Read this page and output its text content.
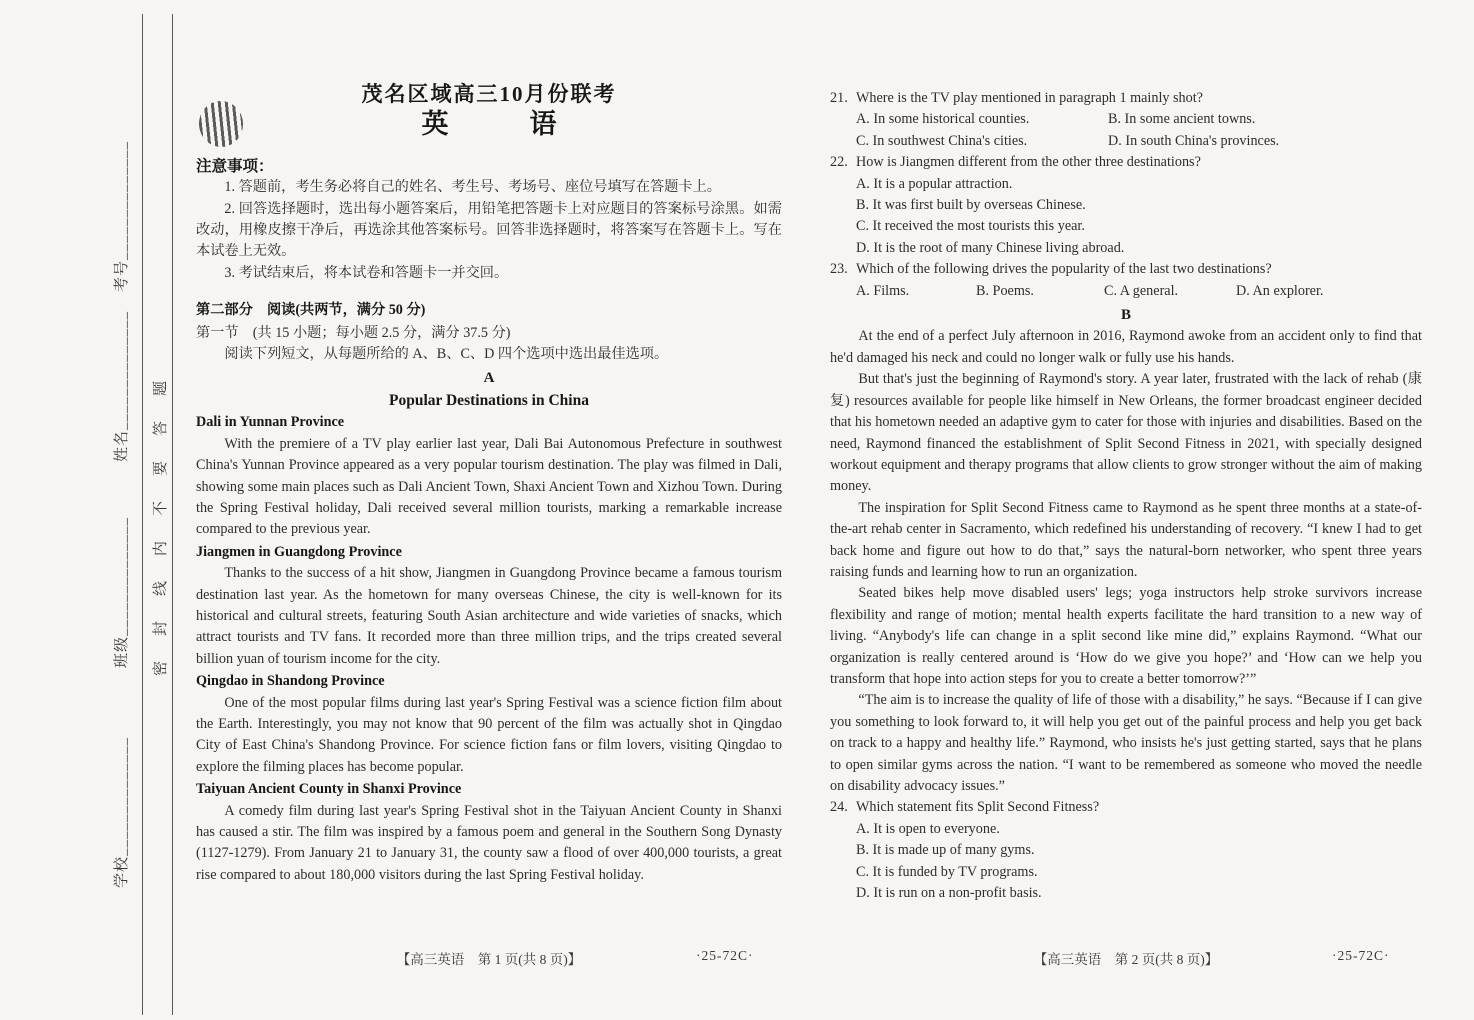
考号______________
姓名______________
班级______________
学校______________
密封线内不要答题
茂名区域高三10月份联考
英            语
注意事项：

1. 答题前，考生务必将自己的姓名、考生号、考场号、座位号填写在答题卡上。

2. 回答选择题时，选出每小题答案后，用铅笔把答题卡上对应题目的答案标号涂黑。如需改动，用橡皮擦干净后，再选涂其他答案标号。回答非选择题时，将答案写在答题卡上。写在本试卷上无效。

3. 考试结束后，将本试卷和答题卡一并交回。

第二部分　阅读(共两节，满分 50 分)
第一节　(共 15 小题；每小题 2.5 分，满分 37.5 分)

阅读下列短文，从每题所给的 A、B、C、D 四个选项中选出最佳选项。

A
Popular Destinations in China
Dali in Yunnan Province

With the premiere of a TV play earlier last year, Dali Bai Autonomous Prefecture in southwest China's Yunnan Province appeared as a very popular tourism destination. The play was filmed in Dali, showing some main places such as Dali Ancient Town, Shaxi Ancient Town and Xizhou Town. During the Spring Festival holiday, Dali received several million tourists, marking a remarkable increase compared to the previous year.

Jiangmen in Guangdong Province

Thanks to the success of a hit show, Jiangmen in Guangdong Province became a famous tourism destination last year. As the hometown for many overseas Chinese, the city is well-known for its historical and cultural streets, featuring South Asian architecture and wide varieties of snacks, which attract tourists and TV fans. It recorded more than three million trips, and the trips created several billion yuan of tourism income for the city.

Qingdao in Shandong Province

One of the most popular films during last year's Spring Festival was a science fiction film about the Earth. Interestingly, you may not know that 90 percent of the film was actually shot in Qingdao City of East China's Shandong Province. For science fiction fans or film lovers, visiting Qingdao to explore the filming places has become popular.

Taiyuan Ancient County in Shanxi Province

A comedy film during last year's Spring Festival shot in the Taiyuan Ancient County in Shanxi has caused a stir. The film was inspired by a famous poem and general in the Southern Song Dynasty (1127-1279). From January 21 to January 31, the county saw a flood of over 400,000 tourists, a great rise compared to about 180,000 visitors during the last Spring Festival holiday.

21. Where is the TV play mentioned in paragraph 1 mainly shot?
A. In some historical counties.	B. In some ancient towns.
C. In southwest China's cities.	D. In south China's provinces.
22. How is Jiangmen different from the other three destinations?
A. It is a popular attraction.
B. It was first built by overseas Chinese.
C. It received the most tourists this year.
D. It is the root of many Chinese living abroad.
23. Which of the following drives the popularity of the last two destinations?
A. Films.	B. Poems.	C. A general.	D. An explorer.
B

At the end of a perfect July afternoon in 2016, Raymond awoke from an accident only to find that he'd damaged his neck and could no longer walk or fully use his hands.

But that's just the beginning of Raymond's story. A year later, frustrated with the lack of rehab (康复) resources available for people like himself in New Orleans, the former broadcast engineer decided that his hometown needed an adaptive gym to cater for those with injuries and disabilities. Based on the need, Raymond financed the establishment of Split Second Fitness in 2021, with specially designed workout equipment and therapy programs that allow clients to grow stronger without the aim of making money.

The inspiration for Split Second Fitness came to Raymond as he spent three months at a state-of-the-art rehab center in Sacramento, which redefined his understanding of recovery. “I knew I had to get back home and figure out how to do that,” says the natural-born networker, who spent three years raising funds and learning how to run an organization.

Seated bikes help move disabled users' legs; yoga instructors help stroke survivors increase flexibility and range of motion; mental health experts facilitate the hard transition to a new way of living. “Anybody's life can change in a split second like mine did,” explains Raymond. “What our organization is really centered around is ‘How do we give you hope?’ and ‘How can we help you transform that hope into action steps for you to create a better tomorrow?’”

“The aim is to increase the quality of life of those with a disability,” he says. “Because if I can give you something to look forward to, it will help you get out of the painful process and help you get back on track to a happy and healthy life.” Raymond, who insists he's just getting started, says that he plans to open similar gyms across the nation. “I want to be remembered as someone who moved the needle on disability advocacy issues.”

24. Which statement fits Split Second Fitness?
A. It is open to everyone.
B. It is made up of many gyms.
C. It is funded by TV programs.
D. It is run on a non-profit basis.
【高三英语　第 1 页(共 8 页)】	·25-72C·	【高三英语　第 2 页(共 8 页)】	·25-72C·
